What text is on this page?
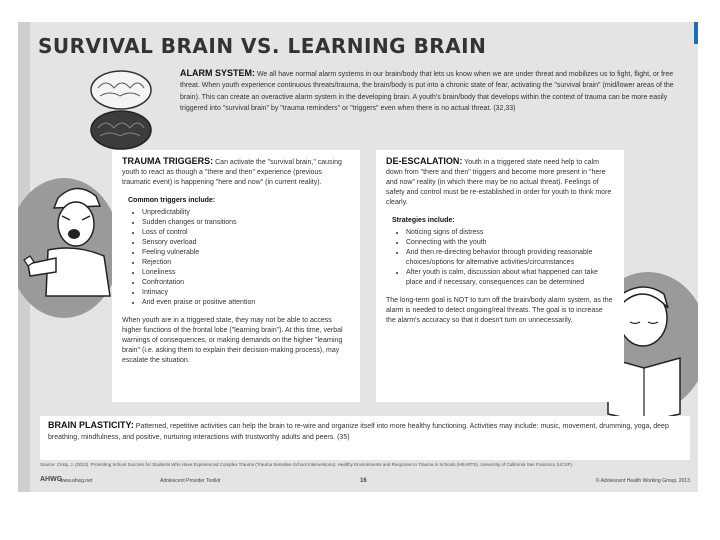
SURVIVAL BRAIN VS. LEARNING BRAIN
ALARM SYSTEM: We all have normal alarm systems in our brain/body that lets us know when we are under threat and mobilizes us to fight, flight, or free threat. When youth experience continuous threats/trauma, the brain/body is put into a chronic state of fear, activating the "survival brain" (mid/lower areas of the brain). This can create an overactive alarm system in the developing brain. A youth's brain/body that develops within the context of trauma can be more easily triggered into "survival brain" by "trauma reminders" or "triggers" even when there is no actual threat. (32,33)
TRAUMA TRIGGERS: Can activate the "survival brain," causing youth to react as though a "there and then" experience (previous traumatic event) is happening "here and now" (in current reality).
Common triggers include:
• Unpredictability
• Sudden changes or transitions
• Loss of control
• Sensory overload
• Feeling vulnerable
• Rejection
• Loneliness
• Confrontation
• Intimacy
• And even praise or positive attention

When youth are in a triggered state, they may not be able to access higher functions of the frontal lobe ("learning brain"). At this time, verbal warnings of consequences, or making demands on the higher "learning brain" (i.e. asking them to explain their decision-making process), may escalate the situation.

DE-ESCALATION: Youth in a triggered state need help to calm down from "there and then" triggers and become more present in "here and now" reality (in which there may be no actual threat). Feelings of safety and control must be re-established in order for youth to think more clearly.
Strategies include:
• Noticing signs of distress
• Connecting with the youth
• And then re-directing behavior through providing reasonable choices/options for alternative activities/circumstances
• After youth is calm, discussion about what happened can take place and if necessary, consequences can be determined

The long-term goal is NOT to turn off the brain/body alarm system, as the alarm is needed to detect ongoing/real threats. The goal is to increase the alarm's accuracy so that it doesn't turn on unnecessarily.

BRAIN PLASTICITY: Patterned, repetitive activities can help the brain to re-wire and organize itself into more healthy functioning. Activities may include: music, movement, drumming, yoga, deep breathing, mindfulness, and positive, nurturing interactions with trustworthy adults and peers. (35)
Source: Cristy, J. (2013). Promoting School Success for Students Who Have Experienced Complex Trauma (Trauma Sensitive School Interventions). Healthy Environments and Response to Trauma in Schools (HEARTS). University of California San Francisco (UCSF).
AHWG
www.ahwg.net	Adolescent Provider Toolkit	16	© Adolescent Health Working Group, 2013
